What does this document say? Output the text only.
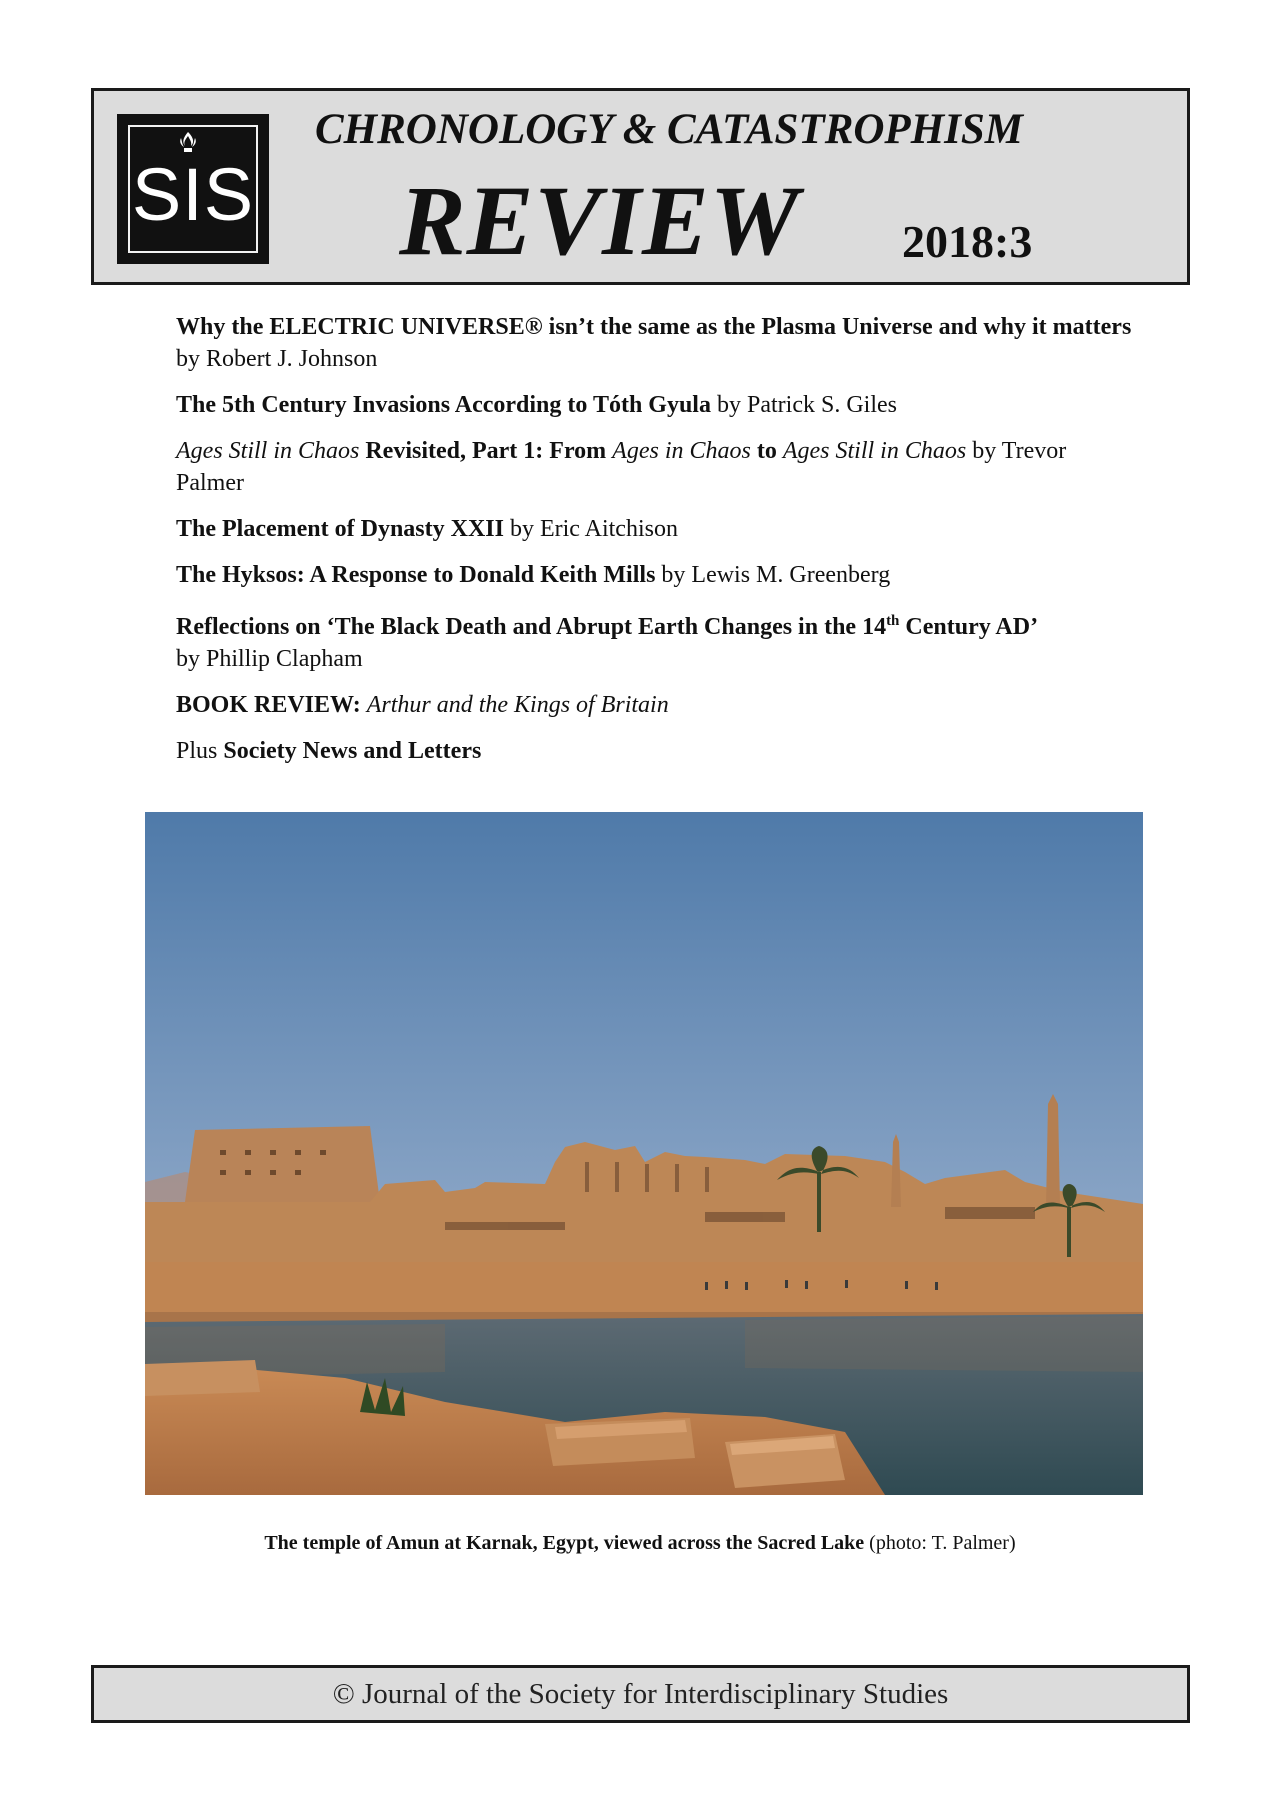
SIS
CHRONOLOGY & CATASTROPHISM
REVIEW 2018:3
Why the ELECTRIC UNIVERSE® isn’t the same as the Plasma Universe and why it matters by Robert J. Johnson
The 5th Century Invasions According to Tóth Gyula by Patrick S. Giles
Ages Still in Chaos Revisited, Part 1: From Ages in Chaos to Ages Still in Chaos by Trevor Palmer
The Placement of Dynasty XXII by Eric Aitchison
The Hyksos: A Response to Donald Keith Mills by Lewis M. Greenberg
Reflections on ‘The Black Death and Abrupt Earth Changes in the 14th Century AD’
by Phillip Clapham
BOOK REVIEW: Arthur and the Kings of Britain
Plus Society News and Letters
The temple of Amun at Karnak, Egypt, viewed across the Sacred Lake (photo: T. Palmer)
© Journal of the Society for Interdisciplinary Studies
